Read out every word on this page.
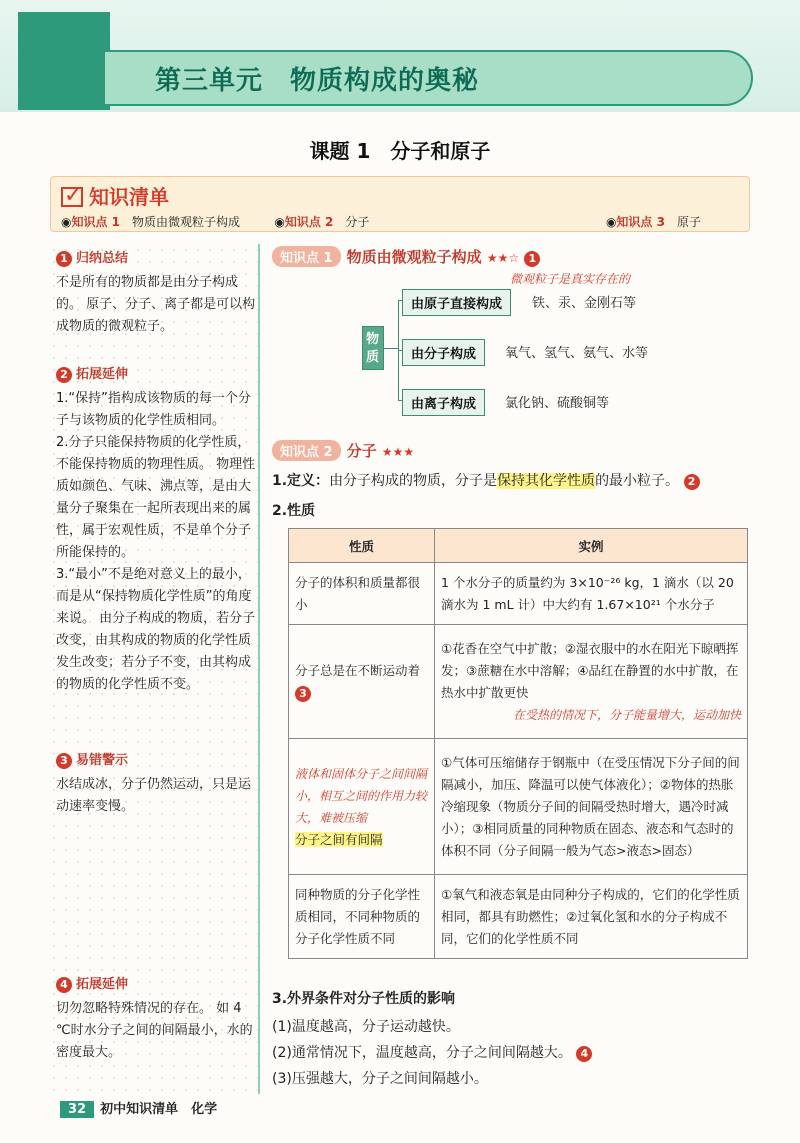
第三单元　物质构成的奥秘
课题 1　分子和原子
✓知识清单
◉知识点 1　 物质由微观粒子构成	◉知识点 2　 分子	◉知识点 3　 原子
1 归纳总结

不是所有的物质都是由分子构成的。 原子、分子、离子都是可以构成物质的微观粒子。

2 拓展延伸

1.“保持”指构成该物质的每一个分子与该物质的化学性质相同。
2.分子只能保持物质的化学性质，不能保持物质的物理性质。 物理性质如颜色、气味、沸点等，是由大量分子聚集在一起所表现出来的属性，属于宏观性质，不是单个分子所能保持的。
3.“最小”不是绝对意义上的最小，而是从“保持物质化学性质”的角度来说。 由分子构成的物质，若分子改变，由其构成的物质的化学性质发生改变；若分子不变，由其构成的物质的化学性质不变。

3 易错警示

水结成冰，分子仍然运动，只是运动速率变慢。

4 拓展延伸

切勿忽略特殊情况的存在。 如 4 ℃时水分子之间的间隔最小，水的密度最大。

知识点 1 物质由微观粒子构成 ★★☆ 1
微观粒子是真实存在的
物质
由原子直接构成	铁、汞、金刚石等
由分子构成	氧气、氢气、氨气、水等
由离子构成	氯化钠、硫酸铜等
知识点 2 分子 ★★★
1.定义：由分子构成的物质，分子是保持其化学性质的最小粒子。 2
2.性质
性质	实例
分子的体积和质量都很小	1 个水分子的质量约为 3×10⁻²⁶ kg，1 滴水（以 20 滴水为 1 mL 计）中大约有 1.67×10²¹ 个水分子
分子总是在不断运动着 3	①花香在空气中扩散；②湿衣服中的水在阳光下晾晒挥发；③蔗糖在水中溶解；④品红在静置的水中扩散，在热水中扩散更快
在受热的情况下，分子能量增大，运动加快

液体和固体分子之间间隔小，相互之间的作用力较大，难被压缩
分子之间有间隔	①气体可压缩储存于钢瓶中（在受压情况下分子间的间隔减小，加压、降温可以使气体液化）；②物体的热胀冷缩现象（物质分子间的间隔受热时增大，遇冷时减小）；③相同质量的同种物质在固态、液态和气态时的体积不同（分子间隔一般为气态>液态>固态）
同种物质的分子化学性质相同，不同种物质的分子化学性质不同	①氧气和液态氧是由同种分子构成的，它们的化学性质相同，都具有助燃性；②过氧化氢和水的分子构成不同，它们的化学性质不同
3.外界条件对分子性质的影响
(1)温度越高，分子运动越快。
(2)通常情况下，温度越高，分子之间间隔越大。 4
(3)压强越大，分子之间间隔越小。
32 初中知识清单　化学
